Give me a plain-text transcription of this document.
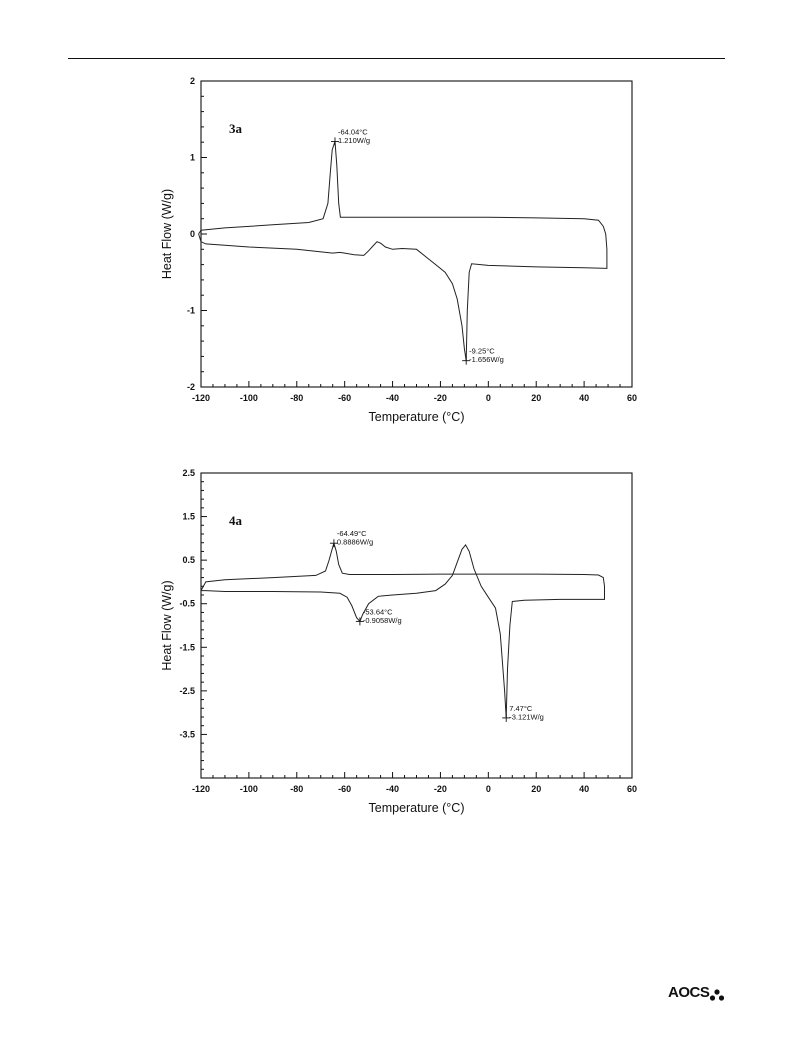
-120	-100	-80	-60	-40	-20	0	20	40	60
-2
-1
0
1
2
Temperature (°C)
Heat Flow (W/g)
3a	-64.04°C
1.210W/g
-9.25°C
-1.656W/g
-120	-100	-80	-60	-40	-20	0	20	40	60
2.5
1.5
0.5
-0.5
-1.5
-2.5
-3.5
Temperature (°C)
Heat Flow (W/g)
4a
-64.49°C
0.8886W/g
-53.64°C
-0.9058W/g
7.47°C
-3.121W/g
AOCS
